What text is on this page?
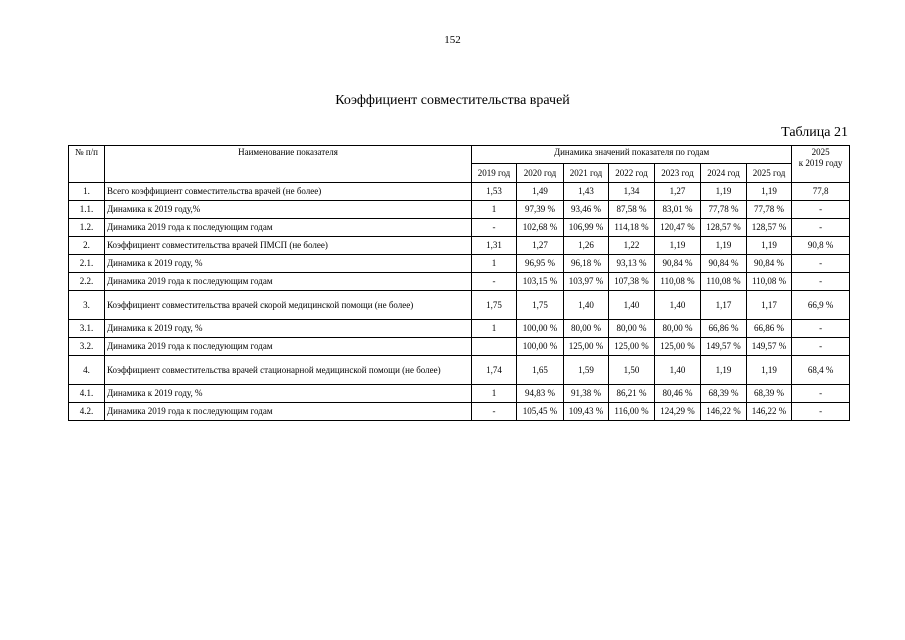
152
Коэффициент совместительства врачей
Таблица 21
№ п/п	Наименование показателя	Динамика значений показателя по годам							2025
к 2019 году

		2019 год	2020 год	2021 год	2022 год	2023 год	2024 год	2025 год	
1.	Всего коэффициент совместительства врачей (не более)	1,53	1,49	1,43	1,34	1,27	1,19	1,19	77,8
1.1.	Динамика к 2019 году,%	1	97,39 %	93,46 %	87,58 %	83,01 %	77,78 %	77,78 %	-
1.2.	Динамика 2019 года к последующим годам	-	102,68 %	106,99 %	114,18 %	120,47 %	128,57 %	128,57 %	-
2.	Коэффициент совместительства врачей ПМСП (не более)	1,31	1,27	1,26	1,22	1,19	1,19	1,19	90,8 %
2.1.	Динамика к 2019 году, %	1	96,95 %	96,18 %	93,13 %	90,84 %	90,84 %	90,84 %	-
2.2.	Динамика 2019 года к последующим годам	-	103,15 %	103,97 %	107,38 %	110,08 %	110,08 %	110,08 %	-
3.	Коэффициент совместительства врачей скорой медицинской помощи (не более)	1,75	1,75	1,40	1,40	1,40	1,17	1,17	66,9 %
3.1.	Динамика к 2019 году, %	1	100,00 %	80,00 %	80,00 %	80,00 %	66,86 %	66,86 %	-
3.2.	Динамика 2019 года к последующим годам		100,00 %	125,00 %	125,00 %	125,00 %	149,57 %	149,57 %	-
4.	Коэффициент совместительства врачей стационарной медицинской помощи (не более)	1,74	1,65	1,59	1,50	1,40	1,19	1,19	68,4 %
4.1.	Динамика к 2019 году, %	1	94,83 %	91,38 %	86,21 %	80,46 %	68,39 %	68,39 %	-
4.2.	Динамика 2019 года к последующим годам	-	105,45 %	109,43 %	116,00 %	124,29 %	146,22 %	146,22 %	-
